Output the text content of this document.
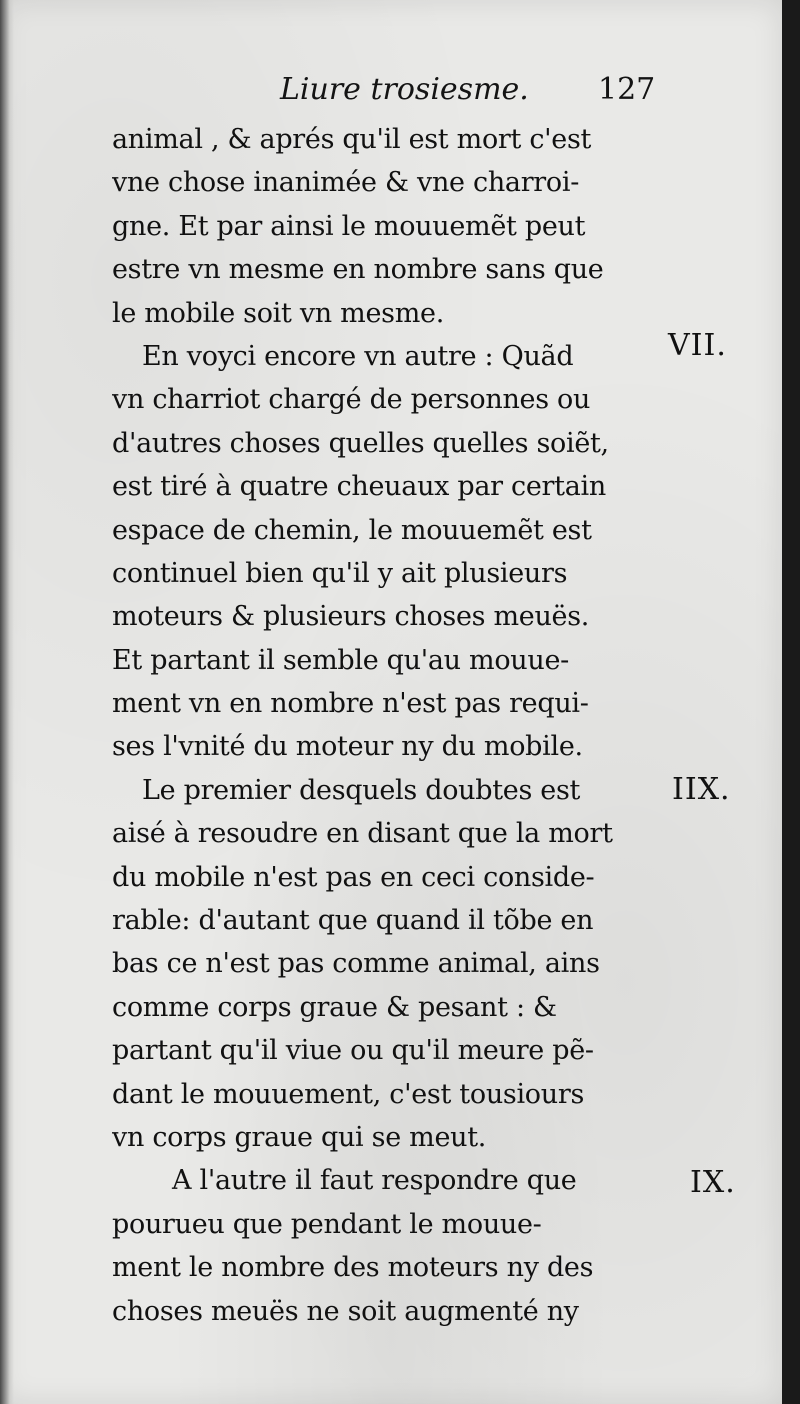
Liure trosiesme. 127
animal , & aprés qu'il est mort c'est
vne chose inanimée & vne charroi-
gne. Et par ainsi le mouuemẽt peut
estre vn mesme en nombre sans que
le mobile soit vn mesme.
En voyci encore vn autre : Quãd
vn charriot chargé de personnes ou
d'autres choses quelles quelles soiẽt,
est tiré à quatre cheuaux par certain
espace de chemin, le mouuemẽt est
continuel bien qu'il y ait plusieurs
moteurs & plusieurs choses meuës.
Et partant il semble qu'au mouue-
ment vn en nombre n'est pas requi-
ses l'vnité du moteur ny du mobile.
Le premier desquels doubtes est
aisé à resoudre en disant que la mort
du mobile n'est pas en ceci conside-
rable: d'autant que quand il tõbe en
bas ce n'est pas comme animal, ains
comme corps graue & pesant : &
partant qu'il viue ou qu'il meure pẽ-
dant le mouuement, c'est tousiours
vn corps graue qui se meut.
A l'autre il faut respondre que
pourueu que pendant le mouue-
ment le nombre des moteurs ny des
choses meuës ne soit augmenté ny
VII.
IIX.
IX.
